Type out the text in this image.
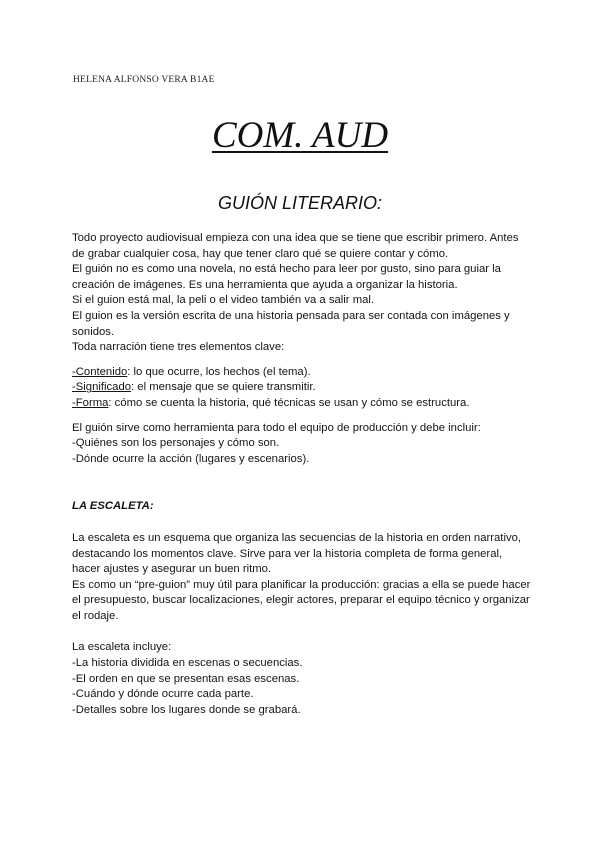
HELENA ALFONSO VERA B1AE
COM. AUD
GUIÓN LITERARIO:

Todo proyecto audiovisual empieza con una idea que se tiene que escribir primero. Antes de grabar cualquier cosa, hay que tener claro qué se quiere contar y cómo.

El guión no es como una novela, no está hecho para leer por gusto, sino para guiar la creación de imágenes. Es una herramienta que ayuda a organizar la historia.

Si el guion está mal, la peli o el video también va a salir mal.

El guion es la versión escrita de una historia pensada para ser contada con imágenes y sonidos.

Toda narración tiene tres elementos clave:

-Contenido: lo que ocurre, los hechos (el tema).

-Significado: el mensaje que se quiere transmitir.

-Forma: cómo se cuenta la historia, qué técnicas se usan y cómo se estructura.

El guión sirve como herramienta para todo el equipo de producción y debe incluir:

-Quiénes son los personajes y cómo son.

-Dónde ocurre la acción (lugares y escenarios).

LA ESCALETA:

La escaleta es un esquema que organiza las secuencias de la historia en orden narrativo, destacando los momentos clave. Sirve para ver la historia completa de forma general, hacer ajustes y asegurar un buen ritmo.

Es como un “pre-guion” muy útil para planificar la producción: gracias a ella se puede hacer el presupuesto, buscar localizaciones, elegir actores, preparar el equipo técnico y organizar el rodaje.

La escaleta incluye:

-La historia dividida en escenas o secuencias.

-El orden en que se presentan esas escenas.

-Cuándo y dónde ocurre cada parte.

-Detalles sobre los lugares donde se grabará.
